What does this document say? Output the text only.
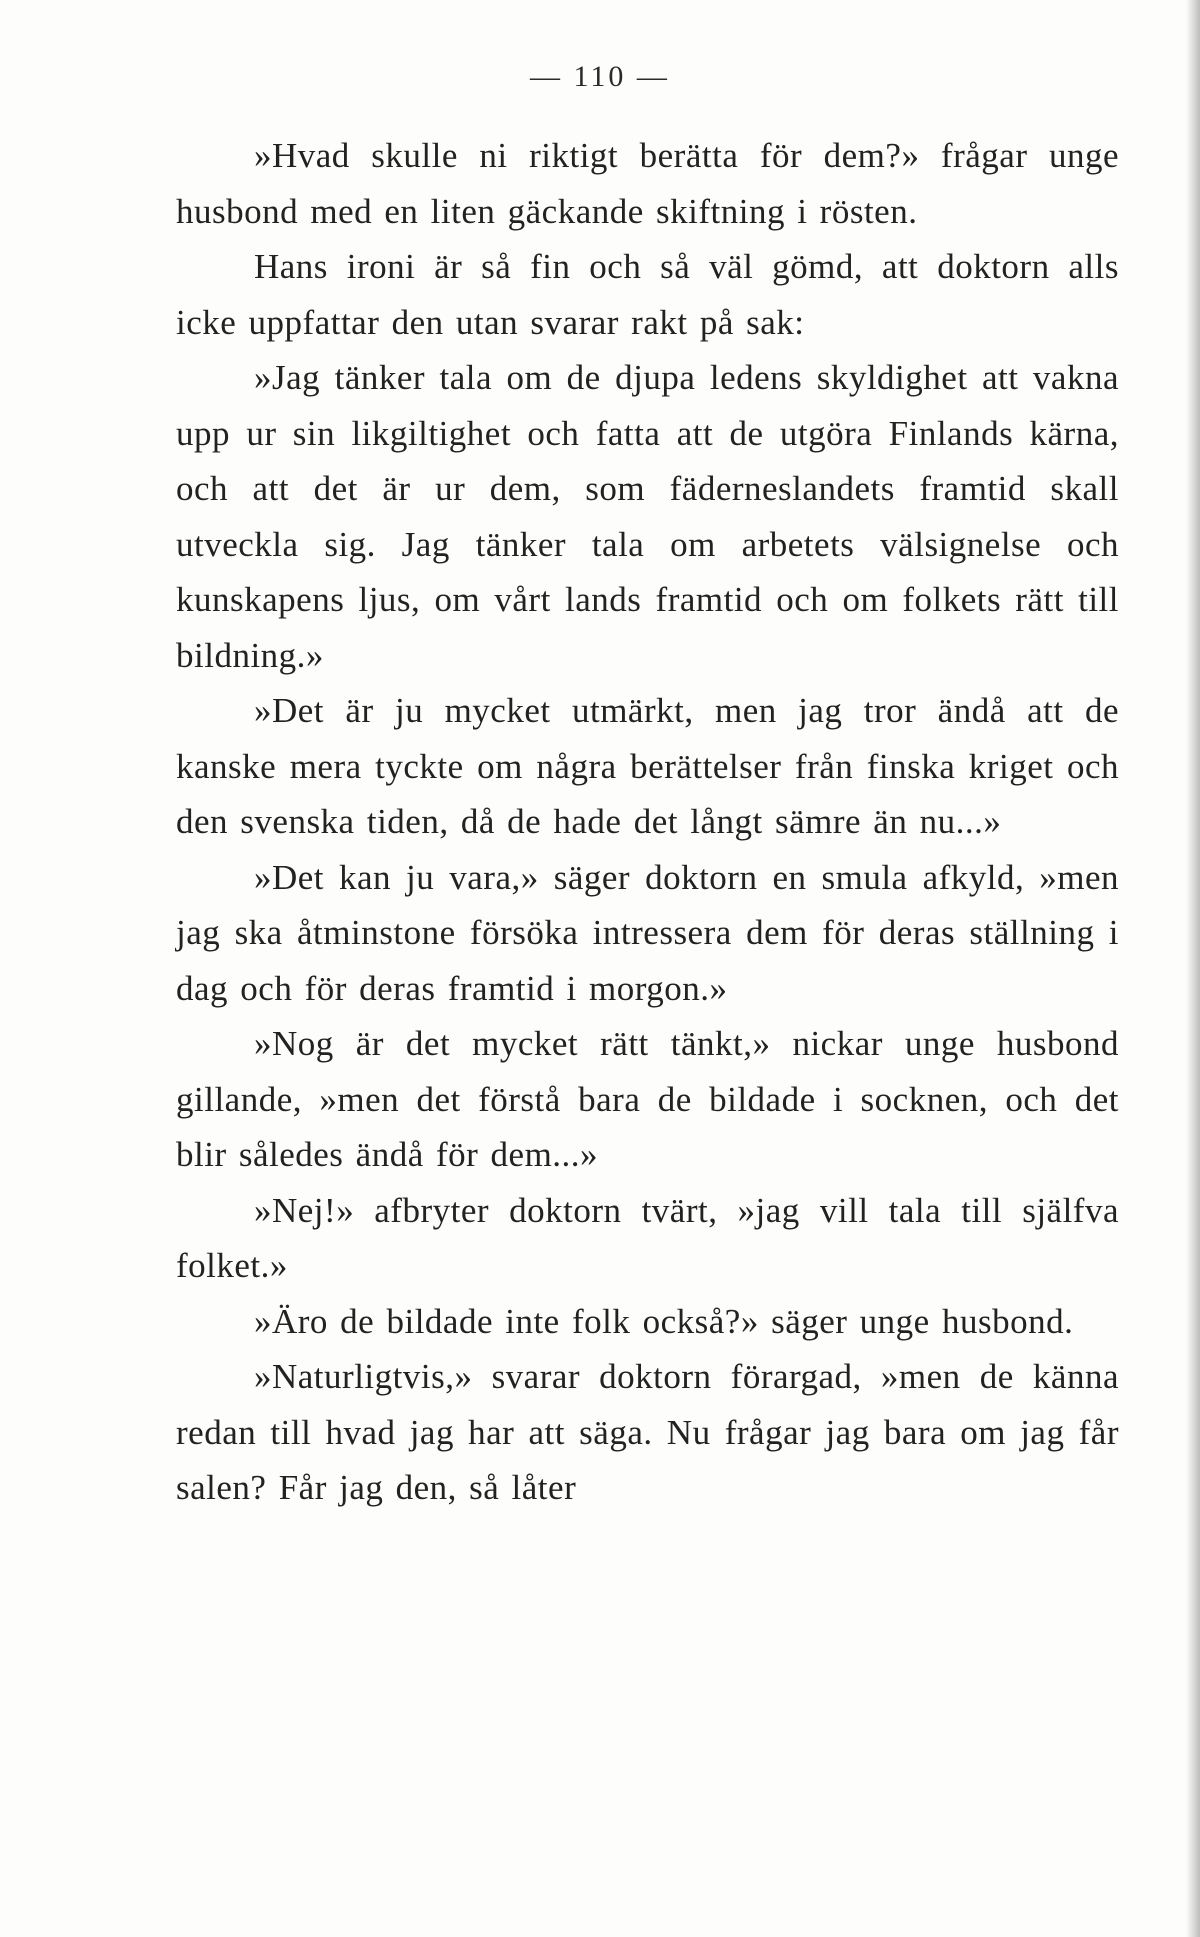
— 110 —

»Hvad skulle ni riktigt berätta för dem?» frågar unge husbond med en liten gäckande skiftning i rösten.

Hans ironi är så fin och så väl gömd, att doktorn alls icke uppfattar den utan svarar rakt på sak:

»Jag tänker tala om de djupa ledens skyldighet att vakna upp ur sin likgiltighet och fatta att de utgöra Finlands kärna, och att det är ur dem, som fäderneslandets framtid skall utveckla sig. Jag tänker tala om arbetets välsignelse och kunskapens ljus, om vårt lands framtid och om folkets rätt till bildning.»

»Det är ju mycket utmärkt, men jag tror ändå att de kanske mera tyckte om några berättelser från finska kriget och den svenska tiden, då de hade det långt sämre än nu...»

»Det kan ju vara,» säger doktorn en smula afkyld, »men jag ska åtminstone försöka intressera dem för deras ställning i dag och för deras framtid i morgon.»

»Nog är det mycket rätt tänkt,» nickar unge husbond gillande, »men det förstå bara de bildade i socknen, och det blir således ändå för dem...»

»Nej!» afbryter doktorn tvärt, »jag vill tala till själfva folket.»

»Äro de bildade inte folk också?» säger unge husbond.

»Naturligtvis,» svarar doktorn förargad, »men de känna redan till hvad jag har att säga. Nu frågar jag bara om jag får salen? Får jag den, så låter
